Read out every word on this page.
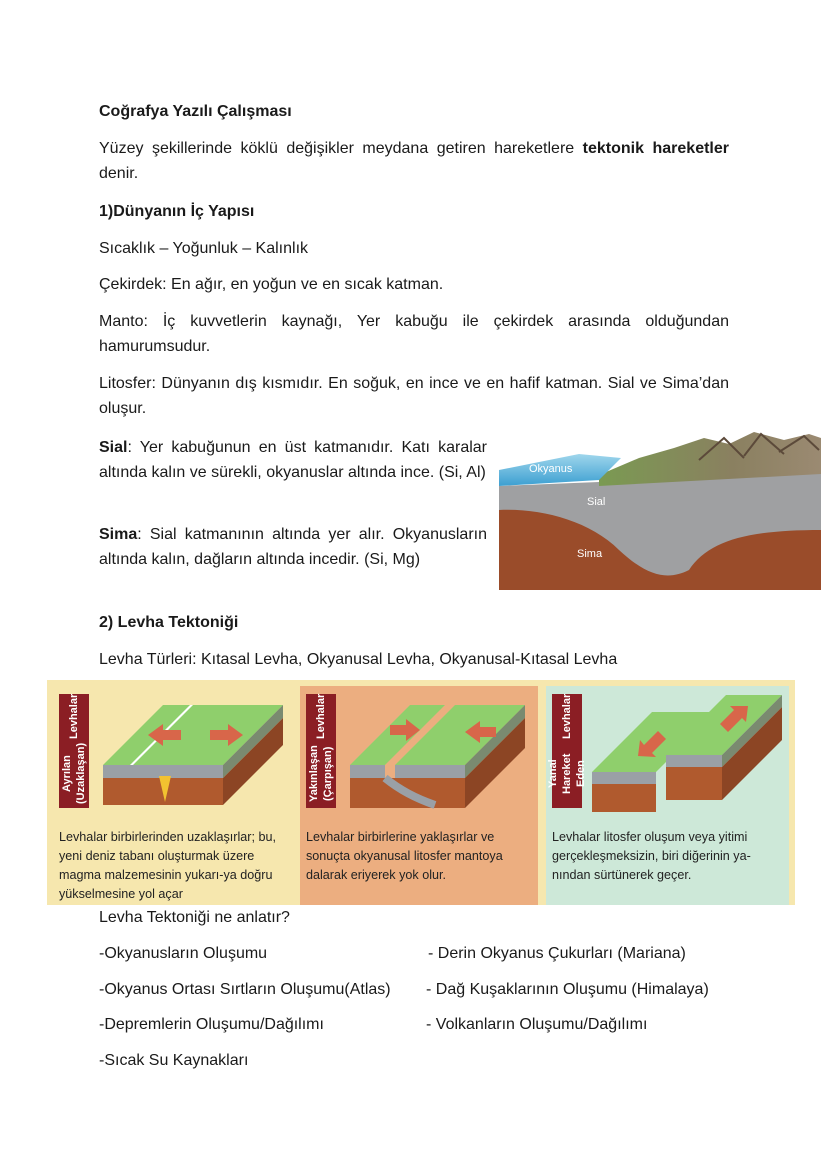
Coğrafya Yazılı Çalışması

Yüzey şekillerinde köklü değişikler meydana getiren hareketlere tektonik hareketler denir.

1)Dünyanın İç Yapısı

Sıcaklık – Yoğunluk – Kalınlık

Çekirdek: En ağır, en yoğun ve en sıcak katman.

Manto: İç kuvvetlerin kaynağı, Yer kabuğu ile çekirdek arasında olduğundan hamurumsudur.

Litosfer: Dünyanın dış kısmıdır. En soğuk, en ince ve en hafif katman. Sial ve Sima’dan oluşur.

Sial: Yer kabuğunun en üst katmanıdır. Katı karalar altında kalın ve sürekli, okyanuslar altında ince. (Si, Al)

Sima: Sial katmanının altında yer alır. Okyanusların altında kalın, dağların altında incedir. (Si, Mg)

Okyanus
Sial
Sima
2) Levha Tektoniği

Levha Türleri: Kıtasal Levha, Okyanusal Levha, Okyanusal-Kıtasal Levha

Ayrılan (Uzaklaşan)

Levhalar

Levhalar birbirlerinden uzaklaşırlar; bu, yeni deniz tabanı oluşturmak üzere magma malzemesinin yukarı-ya doğru yükselmesine yol açar

Yakınlaşan (Çarpışan)

Levhalar

Levhalar birbirlerine yaklaşırlar ve sonuçta okyanusal litosfer mantoya dalarak eriyerek yok olur.

Yanal Hareket Eden

Levhalar

Levhalar litosfer oluşum veya yitimi gerçekleşmeksizin, biri diğerinin ya-nından sürtünerek geçer.

Levha Tektoniği ne anlatır?

-Okyanusların Oluşumu

-Okyanus Ortası Sırtların Oluşumu(Atlas)

-Depremlerin Oluşumu/Dağılımı

-Sıcak Su Kaynakları

- Derin Okyanus Çukurları (Mariana)

- Dağ Kuşaklarının Oluşumu (Himalaya)

- Volkanların Oluşumu/Dağılımı
